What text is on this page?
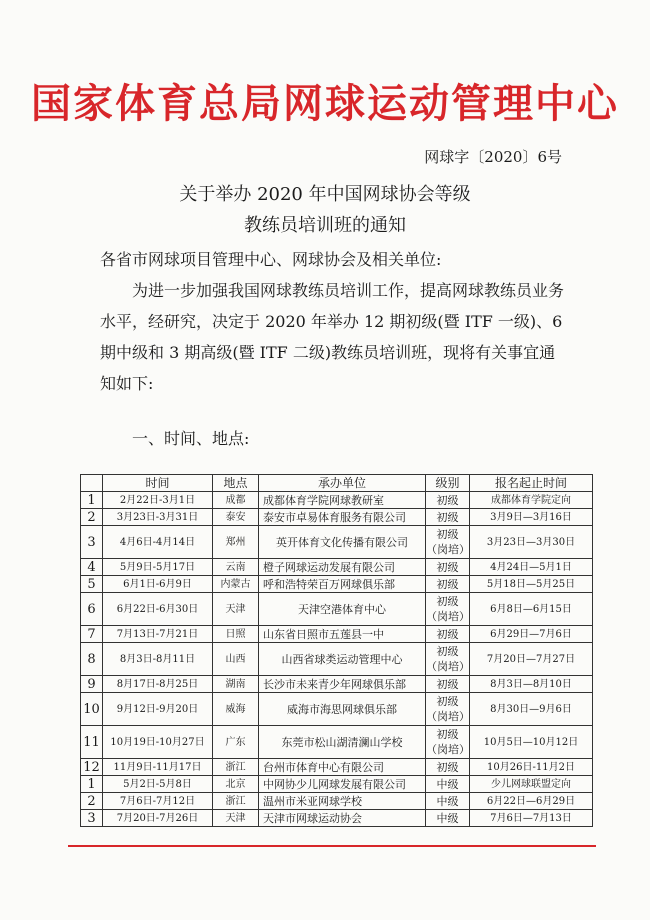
国家体育总局网球运动管理中心
网球字〔2020〕6号
关于举办 2020 年中国网球协会等级
教练员培训班的通知
各省市网球项目管理中心、网球协会及相关单位:
为进一步加强我国网球教练员培训工作，提高网球教练员业务水平，经研究，决定于 2020 年举办 12 期初级(暨 ITF 一级)、6 期中级和 3 期高级(暨 ITF 二级)教练员培训班，现将有关事宜通知如下:
一、时间、地点:
	时间	地点	承办单位	级别	报名起止时间
1	2月22日-3月1日	成都	成都体育学院网球教研室	初级	成都体育学院定向
2	3月23日-3月31日	泰安	泰安市卓易体育服务有限公司	初级	3月9日—3月16日
3	4月6日-4月14日	郑州	英开体育文化传播有限公司	初级（岗培）	3月23日—3月30日
4	5月9日-5月17日	云南	橙子网球运动发展有限公司	初级	4月24日—5月1日
5	6月1日-6月9日	内蒙古	呼和浩特荣百万网球俱乐部	初级	5月18日—5月25日
6	6月22日-6月30日	天津	天津空港体育中心	初级（岗培）	6月8日—6月15日
7	7月13日-7月21日	日照	山东省日照市五莲县一中	初级	6月29日—7月6日
8	8月3日-8月11日	山西	山西省球类运动管理中心	初级（岗培）	7月20日—7月27日
9	8月17日-8月25日	湖南	长沙市未来青少年网球俱乐部	初级	8月3日—8月10日
10	9月12日-9月20日	威海	威海市海思网球俱乐部	初级（岗培）	8月30日—9月6日
11	10月19日-10月27日	广东	东莞市松山湖清澜山学校	初级（岗培）	10月5日—10月12日
12	11月9日-11月17日	浙江	台州市体育中心有限公司	初级	10月26日-11月2日
1	5月2日-5月8日	北京	中网协少儿网球发展有限公司	中级	少儿网球联盟定向
2	7月6日-7月12日	浙江	温州市米亚网球学校	中级	6月22日—6月29日
3	7月20日-7月26日	天津	天津市网球运动协会	中级	7月6日—7月13日
